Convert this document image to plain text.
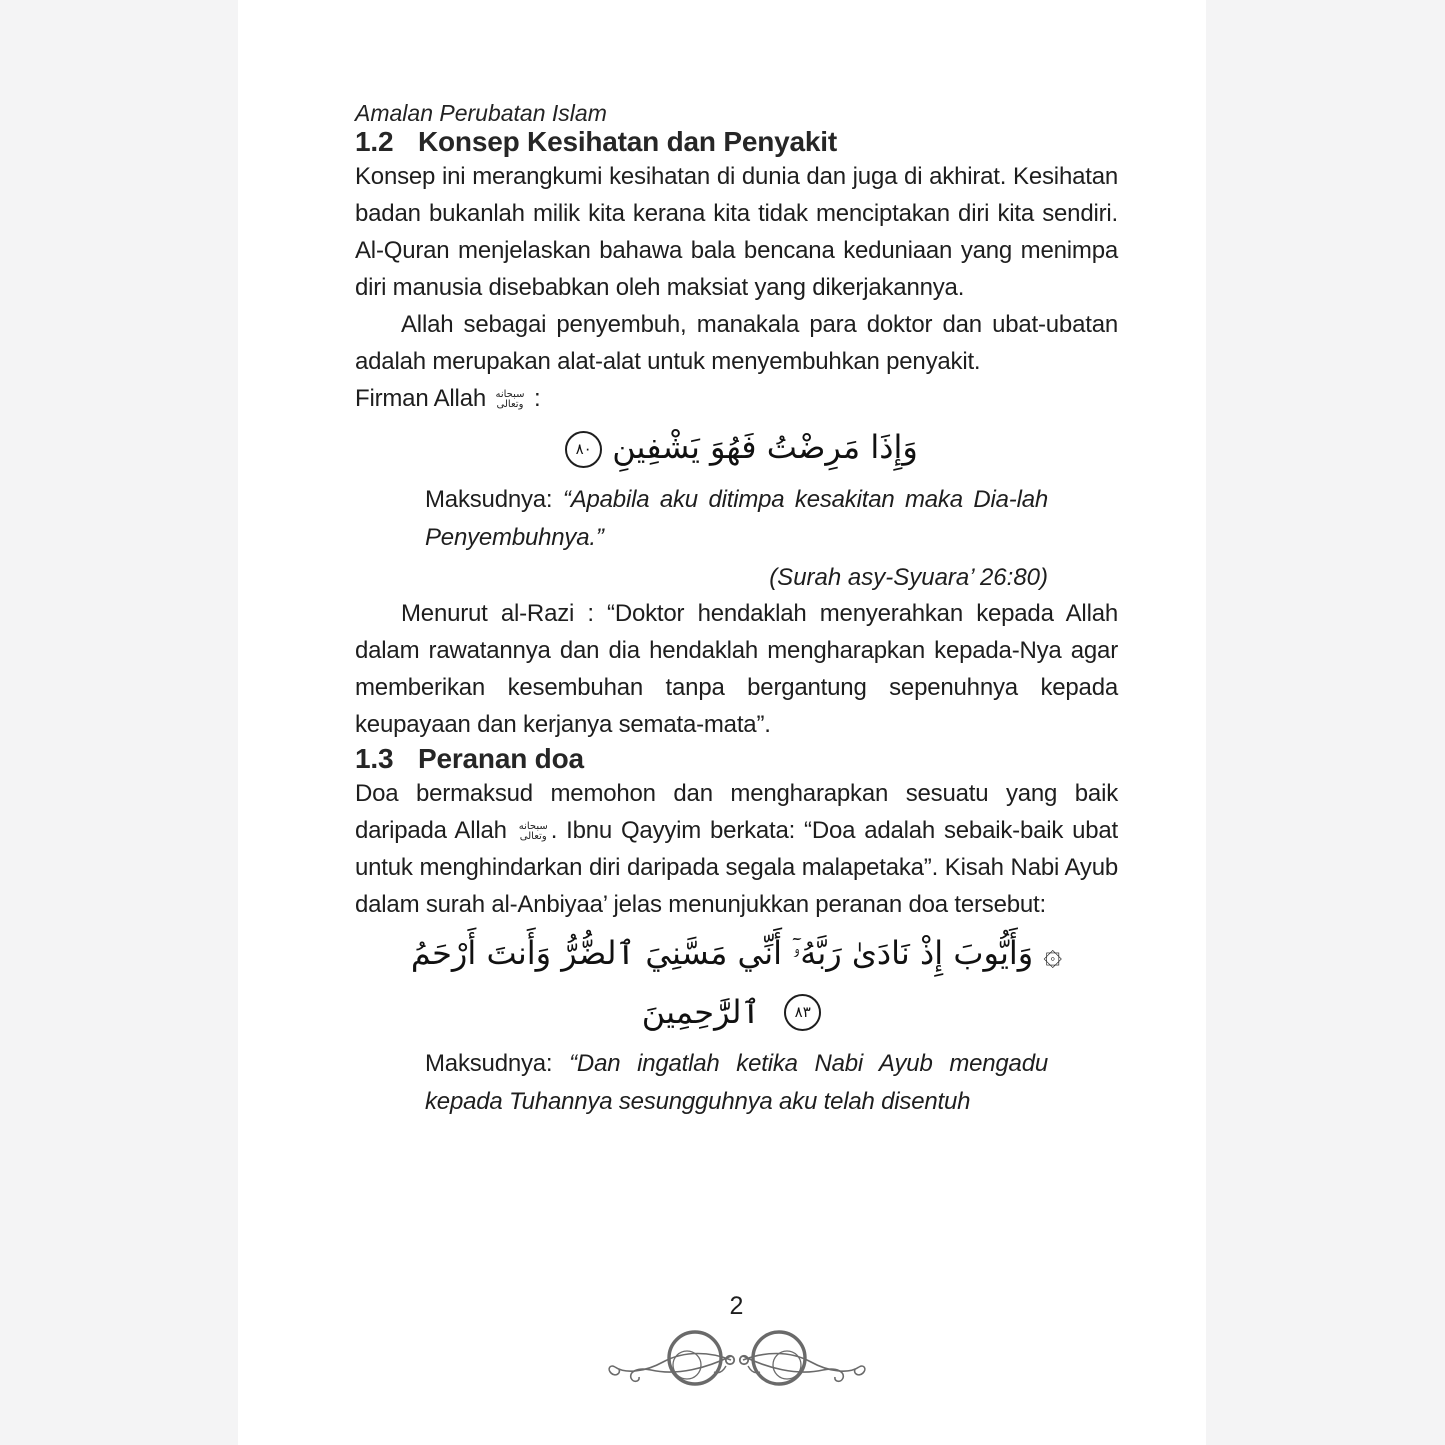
Amalan Perubatan Islam
1.2 Konsep Kesihatan dan Penyakit

Konsep ini merangkumi kesihatan di dunia dan juga di akhirat. Kesihatan badan bukanlah milik kita kerana kita tidak menciptakan diri kita sendiri. Al-Quran menjelaskan bahawa bala bencana keduniaan yang menimpa diri manusia disebabkan oleh maksiat yang dikerjakannya.

Allah sebagai penyembuh, manakala para doktor dan ubat-ubatan adalah merupakan alat-alat untuk menyembuhkan penyakit.

Firman Allah سبحانه
وتعالى :
وَإِذَا مَرِضْتُ فَهُوَ يَشْفِينِ٨٠

Maksudnya: “Apabila aku ditimpa kesakitan maka Dia-lah Penyembuhnya.”

(Surah asy-Syuara’ 26:80)

Menurut al-Razi : “Doktor hendaklah menyerahkan kepada Allah dalam rawatannya dan dia hendaklah mengharapkan kepada-Nya agar memberikan kesembuhan tanpa bergantung sepenuhnya kepada keupayaan dan kerjanya semata-mata”.

1.3 Peranan doa

Doa bermaksud memohon dan mengharapkan sesuatu yang baik daripada Allah سبحانه
وتعالى . Ibnu Qayyim berkata: “Doa adalah sebaik-baik ubat untuk menghindarkan diri daripada segala malapetaka”. Kisah Nabi Ayub dalam surah al-Anbiyaa’ jelas menunjukkan peranan doa tersebut:

۞ وَأَيُّوبَ إِذْ نَادَىٰ رَبَّهُۥٓ أَنِّي مَسَّنِيَ ٱلضُّرُّ وَأَنتَ أَرْحَمُ
ٱلرَّٰحِمِينَ	٨٣

Maksudnya: “Dan ingatlah ketika Nabi Ayub mengadu kepada Tuhannya sesungguhnya aku telah disentuh

2
